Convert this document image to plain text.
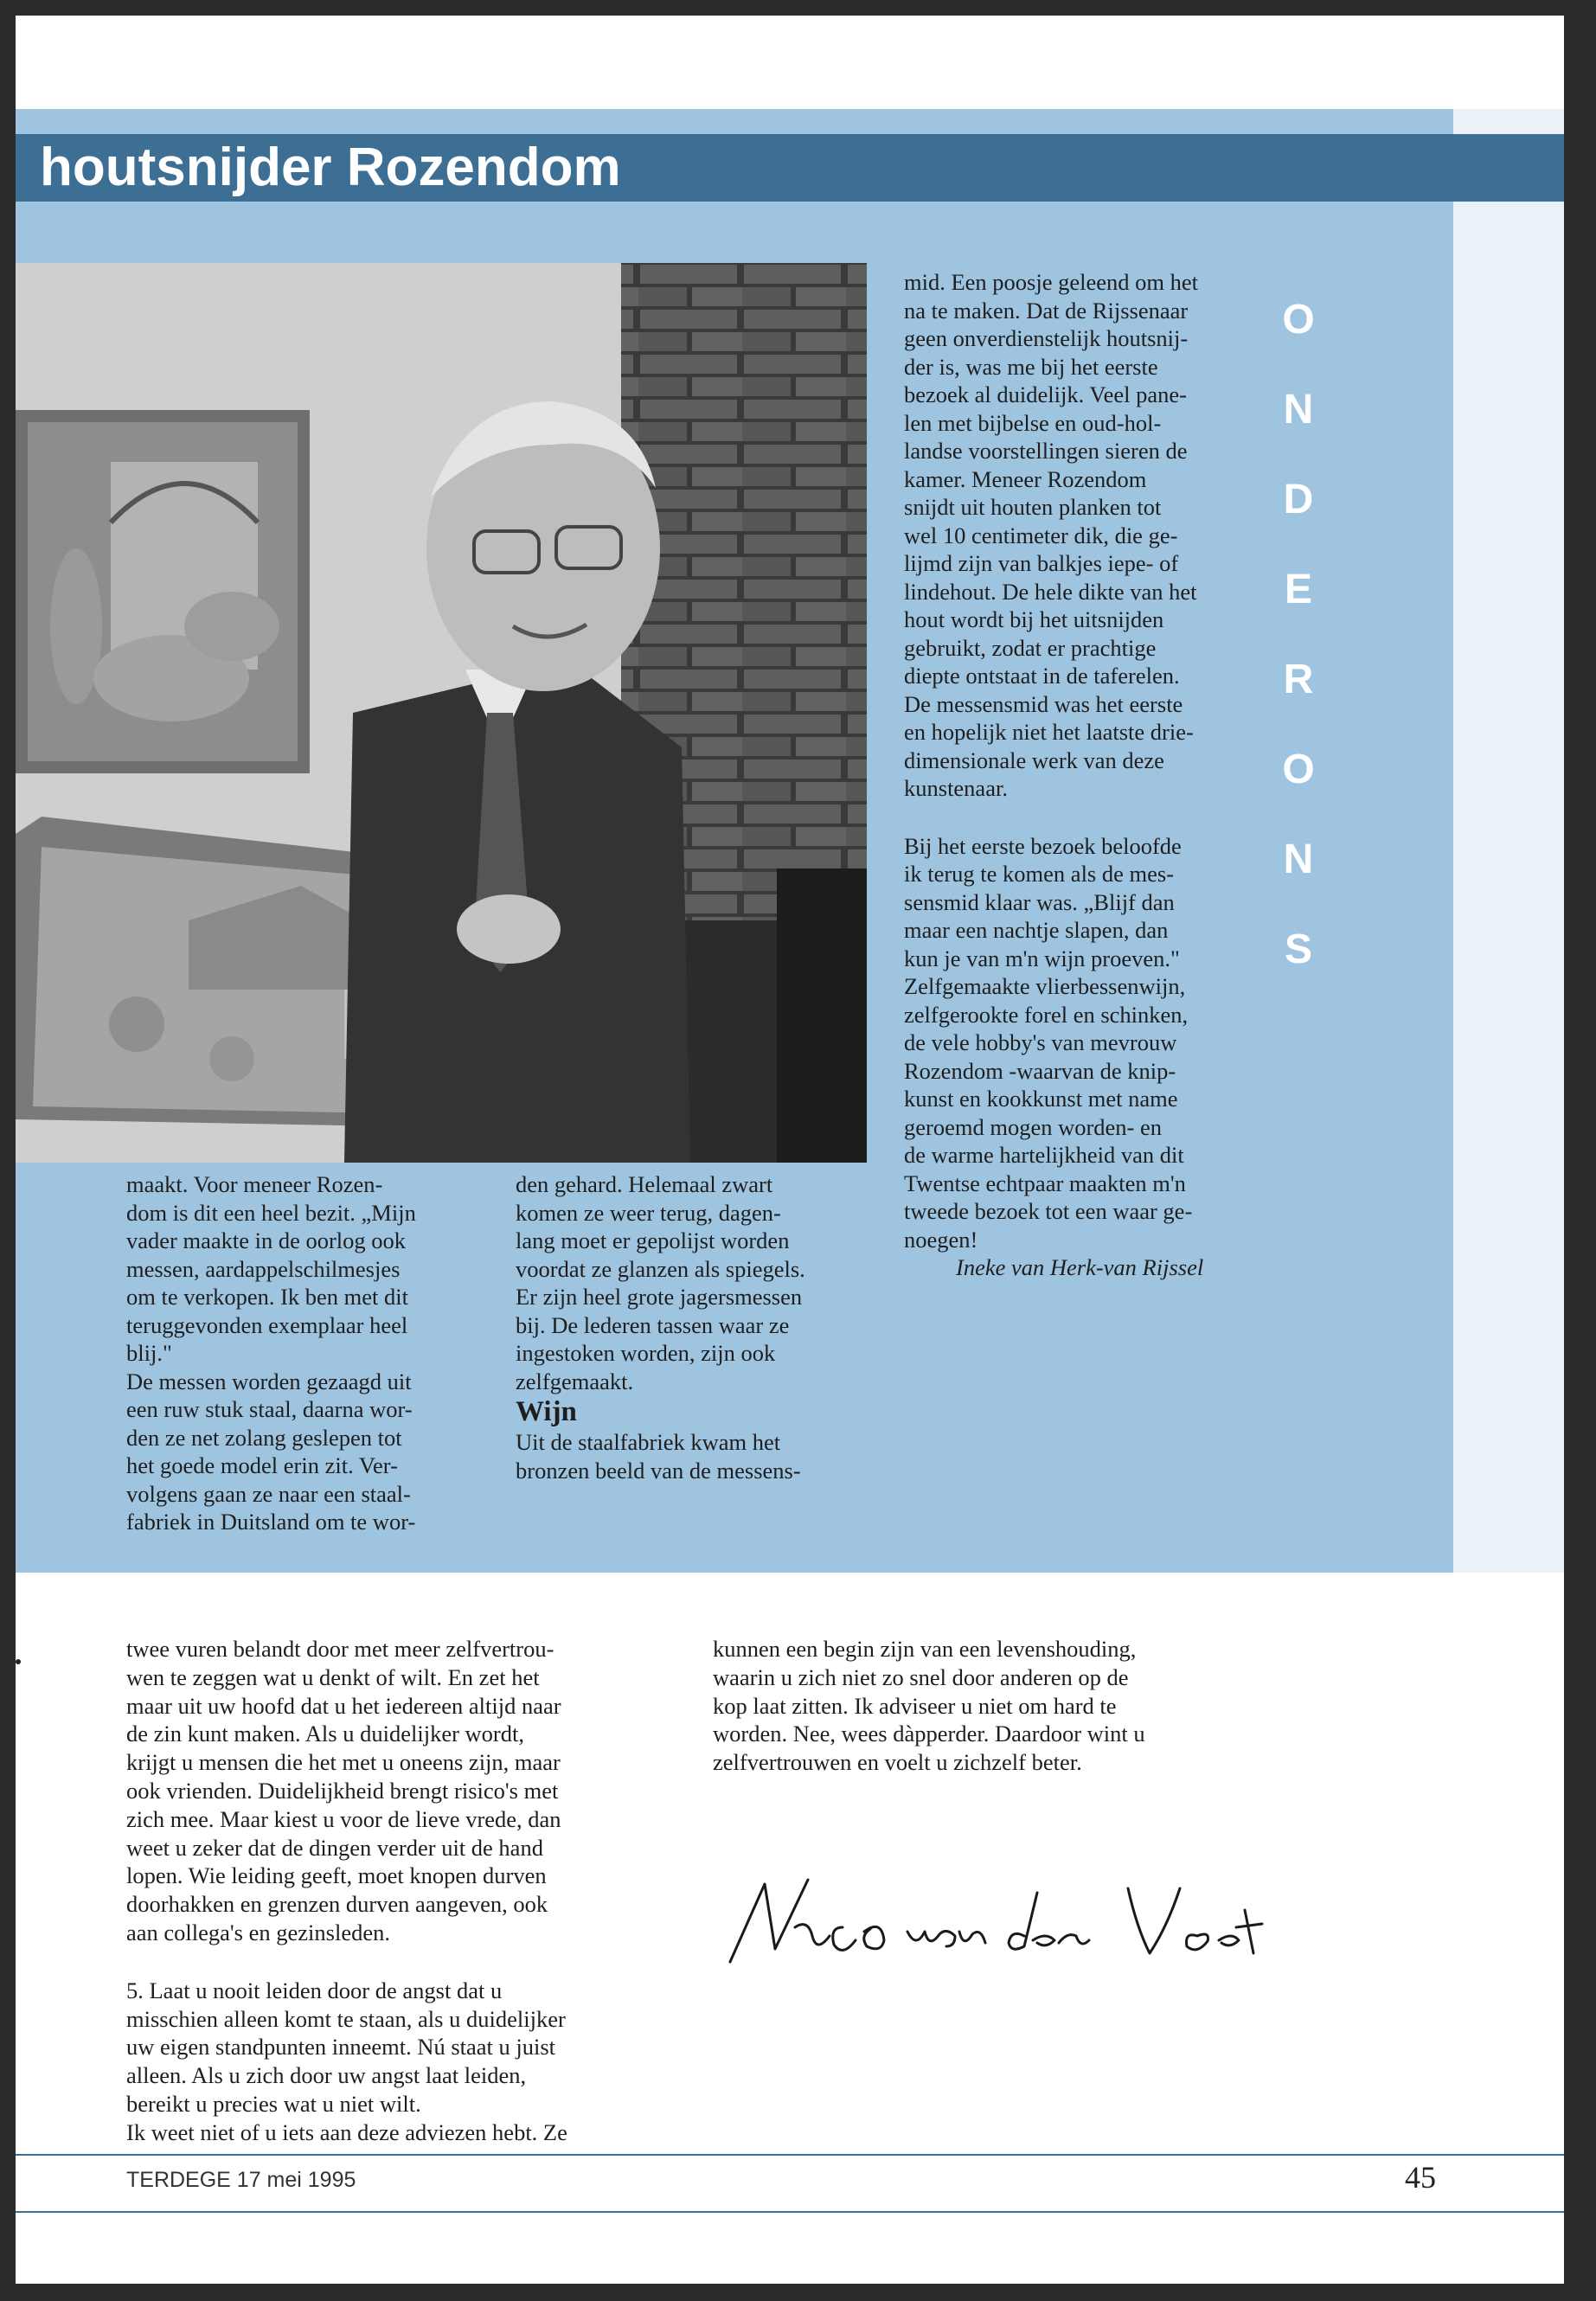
houtsnijder Rozendom

maakt. Voor meneer Rozen-

dom is dit een heel bezit. „Mijn

vader maakte in de oorlog ook

messen, aardappelschilmesjes

om te verkopen. Ik ben met dit

teruggevonden exemplaar heel

blij."

De messen worden gezaagd uit

een ruw stuk staal, daarna wor-

den ze net zolang geslepen tot

het goede model erin zit. Ver-

volgens gaan ze naar een staal-

fabriek in Duitsland om te wor-

den gehard. Helemaal zwart

komen ze weer terug, dagen-

lang moet er gepolijst worden

voordat ze glanzen als spiegels.

Er zijn heel grote jagersmessen

bij. De lederen tassen waar ze

ingestoken worden, zijn ook

zelfgemaakt.

Wijn

Uit de staalfabriek kwam het

bronzen beeld van de messens-

mid. Een poosje geleend om het

na te maken. Dat de Rijssenaar

geen onverdienstelijk houtsnij-

der is, was me bij het eerste

bezoek al duidelijk. Veel pane-

len met bijbelse en oud-hol-

landse voorstellingen sieren de

kamer. Meneer Rozendom

snijdt uit houten planken tot

wel 10 centimeter dik, die ge-

lijmd zijn van balkjes iepe- of

lindehout. De hele dikte van het

hout wordt bij het uitsnijden

gebruikt, zodat er prachtige

diepte ontstaat in de taferelen.

De messensmid was het eerste

en hopelijk niet het laatste drie-

dimensionale werk van deze

kunstenaar.

Bij het eerste bezoek beloofde

ik terug te komen als de mes-

sensmid klaar was. „Blijf dan

maar een nachtje slapen, dan

kun je van m'n wijn proeven."

Zelfgemaakte vlierbessenwijn,

zelfgerookte forel en schinken,

de vele hobby's van mevrouw

Rozendom -waarvan de knip-

kunst en kookkunst met name

geroemd mogen worden- en

de warme hartelijkheid van dit

Twentse echtpaar maakten m'n

tweede bezoek tot een waar ge-

noegen!

Ineke van Herk-van Rijssel

O
N
D
E
R
O
N
S

twee vuren belandt door met meer zelfvertrou-

wen te zeggen wat u denkt of wilt. En zet het

maar uit uw hoofd dat u het iedereen altijd naar

de zin kunt maken. Als u duidelijker wordt,

krijgt u mensen die het met u oneens zijn, maar

ook vrienden. Duidelijkheid brengt risico's met

zich mee. Maar kiest u voor de lieve vrede, dan

weet u zeker dat de dingen verder uit de hand

lopen. Wie leiding geeft, moet knopen durven

doorhakken en grenzen durven aangeven, ook

aan collega's en gezinsleden.

5. Laat u nooit leiden door de angst dat u

misschien alleen komt te staan, als u duidelijker

uw eigen standpunten inneemt. Nú staat u juist

alleen. Als u zich door uw angst laat leiden,

bereikt u precies wat u niet wilt.

Ik weet niet of u iets aan deze adviezen hebt. Ze

kunnen een begin zijn van een levenshouding,

waarin u zich niet zo snel door anderen op de

kop laat zitten. Ik adviseer u niet om hard te

worden. Nee, wees dàpperder. Daardoor wint u

zelfvertrouwen en voelt u zichzelf beter.

TERDEGE 17 mei 1995	45
